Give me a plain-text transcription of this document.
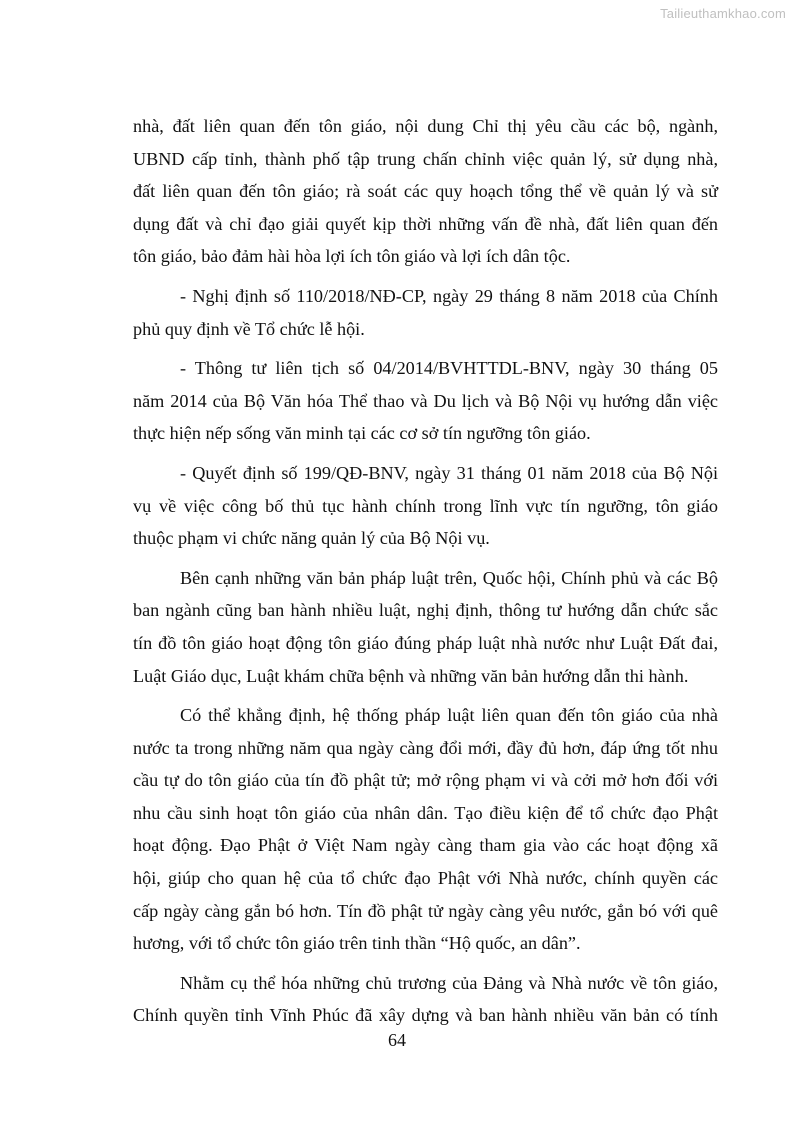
Tailieuthamkhao.com

nhà, đất liên quan đến tôn giáo, nội dung Chỉ thị yêu cầu các bộ, ngành,
UBND cấp tỉnh, thành phố tập trung chấn chỉnh việc quản lý, sử dụng nhà,
đất liên quan đến tôn giáo; rà soát các quy hoạch tổng thể về quản lý và sử
dụng đất và chỉ đạo giải quyết kịp thời những vấn đề nhà, đất liên quan đến
tôn giáo, bảo đảm hài hòa lợi ích tôn giáo và lợi ích dân tộc.

- Nghị định số 110/2018/NĐ-CP, ngày 29 tháng 8 năm 2018 của Chính
phủ quy định về Tổ chức lễ hội.

- Thông tư liên tịch số 04/2014/BVHTTDL-BNV, ngày 30 tháng 05
năm 2014 của Bộ Văn hóa Thể thao và Du lịch và Bộ Nội vụ hướng dẫn việc
thực hiện nếp sống văn minh tại các cơ sở tín ngưỡng tôn giáo.

- Quyết định số 199/QĐ-BNV, ngày 31 tháng 01 năm 2018 của Bộ Nội
vụ về việc công bố thủ tục hành chính trong lĩnh vực tín ngưỡng, tôn giáo
thuộc phạm vi chức năng quản lý của Bộ Nội vụ.

Bên cạnh những văn bản pháp luật trên, Quốc hội, Chính phủ và các Bộ
ban ngành cũng ban hành nhiều luật, nghị định, thông tư hướng dẫn chức sắc
tín đồ tôn giáo hoạt động tôn giáo đúng pháp luật nhà nước như Luật Đất đai,
Luật Giáo dục, Luật khám chữa bệnh và những văn bản hướng dẫn thi hành.

Có thể khẳng định, hệ thống pháp luật liên quan đến tôn giáo của nhà
nước ta trong những năm qua ngày càng đổi mới, đầy đủ hơn, đáp ứng tốt nhu
cầu tự do tôn giáo của tín đồ phật tử; mở rộng phạm vi và cởi mở hơn đối với
nhu cầu sinh hoạt tôn giáo của nhân dân. Tạo điều kiện để tổ chức đạo Phật
hoạt động. Đạo Phật ở Việt Nam ngày càng tham gia vào các hoạt động xã
hội, giúp cho quan hệ của tổ chức đạo Phật với Nhà nước, chính quyền các
cấp ngày càng gắn bó hơn. Tín đồ phật tử ngày càng yêu nước, gắn bó với quê
hương, với tổ chức tôn giáo trên tinh thần “Hộ quốc, an dân”.

Nhằm cụ thể hóa những chủ trương của Đảng và Nhà nước về tôn giáo,
Chính quyền tỉnh Vĩnh Phúc đã xây dựng và ban hành nhiều văn bản có tính

64
